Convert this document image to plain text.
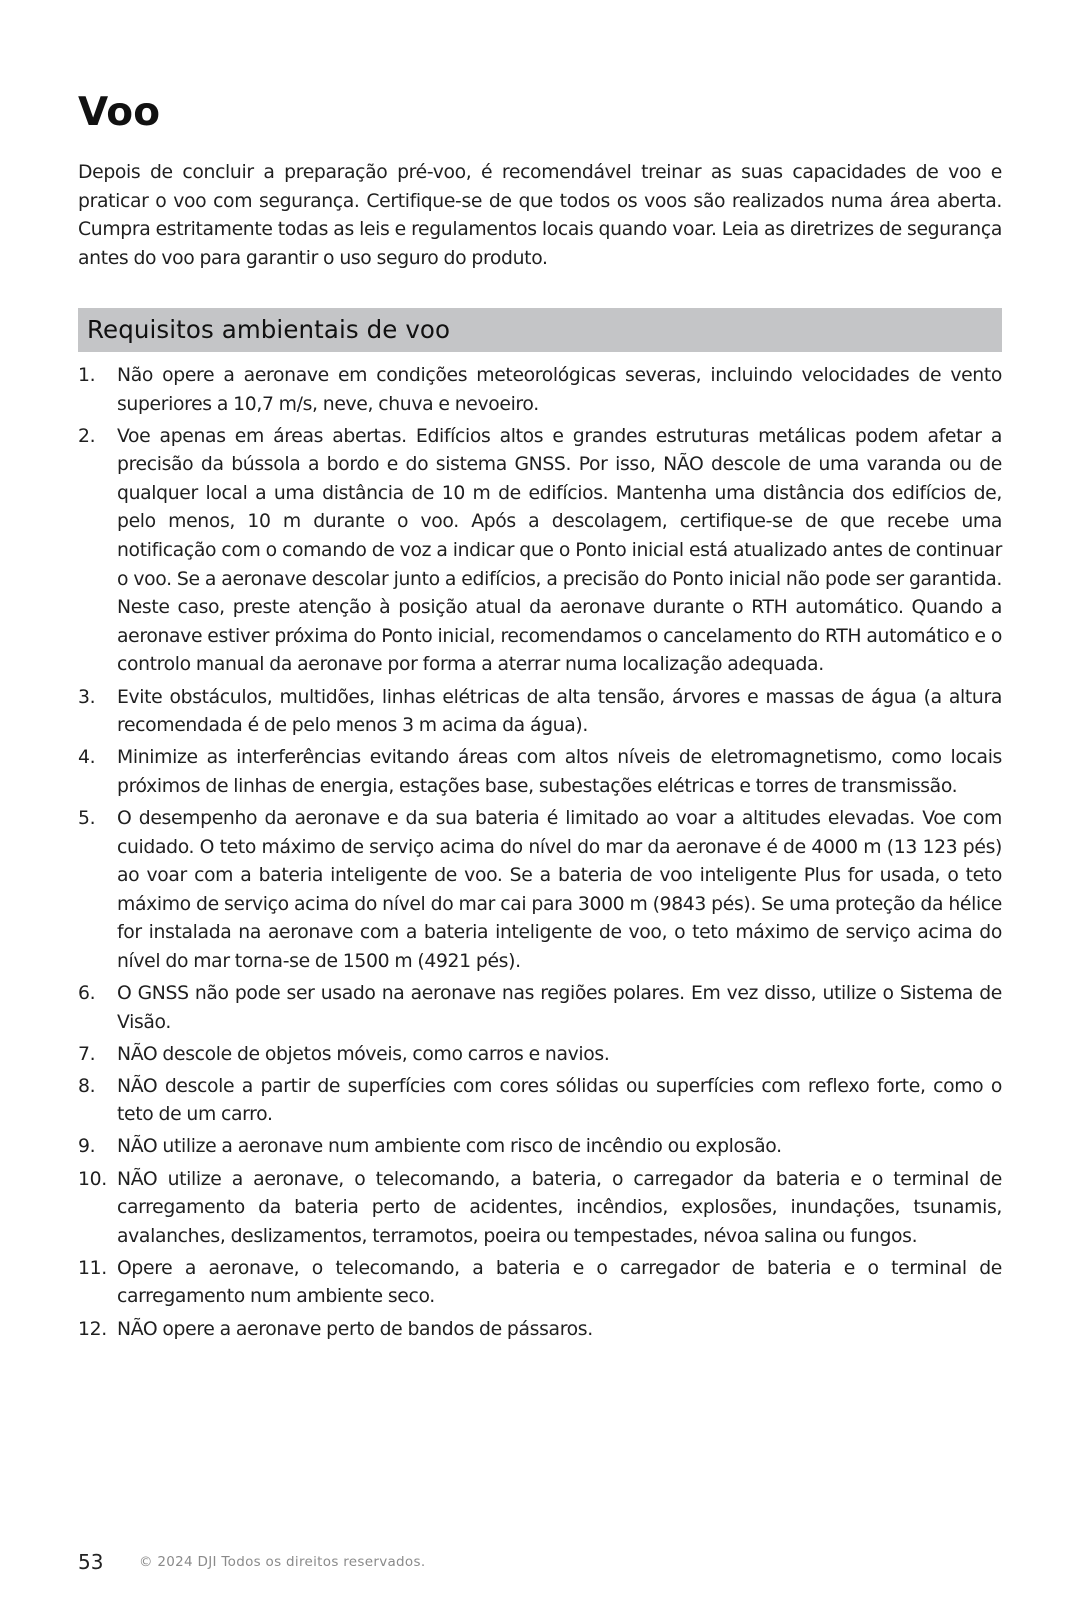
Voo

Depois de concluir a preparação pré-voo, é recomendável treinar as suas capacidades de voo e praticar o voo com segurança. Certifique-se de que todos os voos são realizados numa área aberta. Cumpra estritamente todas as leis e regulamentos locais quando voar. Leia as diretrizes de segurança antes do voo para garantir o uso seguro do produto.

Requisitos ambientais de voo
1. Não opere a aeronave em condições meteorológicas severas, incluindo velocidades de vento superiores a 10,7 m/s, neve, chuva e nevoeiro.
2. Voe apenas em áreas abertas. Edifícios altos e grandes estruturas metálicas podem afetar a precisão da bússola a bordo e do sistema GNSS. Por isso, NÃO descole de uma varanda ou de qualquer local a uma distância de 10 m de edifícios. Mantenha uma distância dos edifícios de, pelo menos, 10 m durante o voo. Após a descolagem, certifique-se de que recebe uma notificação com o comando de voz a indicar que o Ponto inicial está atualizado antes de continuar o voo. Se a aeronave descolar junto a edifícios, a precisão do Ponto inicial não pode ser garantida. Neste caso, preste atenção à posição atual da aeronave durante o RTH automático. Quando a aeronave estiver próxima do Ponto inicial, recomendamos o cancelamento do RTH automático e o controlo manual da aeronave por forma a aterrar numa localização adequada.
3. Evite obstáculos, multidões, linhas elétricas de alta tensão, árvores e massas de água (a altura recomendada é de pelo menos 3 m acima da água).
4. Minimize as interferências evitando áreas com altos níveis de eletromagnetismo, como locais próximos de linhas de energia, estações base, subestações elétricas e torres de transmissão.
5. O desempenho da aeronave e da sua bateria é limitado ao voar a altitudes elevadas. Voe com cuidado. O teto máximo de serviço acima do nível do mar da aeronave é de 4000 m (13 123 pés) ao voar com a bateria inteligente de voo. Se a bateria de voo inteligente Plus for usada, o teto máximo de serviço acima do nível do mar cai para 3000 m (9843 pés). Se uma proteção da hélice for instalada na aeronave com a bateria inteligente de voo, o teto máximo de serviço acima do nível do mar torna-se de 1500 m (4921 pés).
6. O GNSS não pode ser usado na aeronave nas regiões polares. Em vez disso, utilize o Sistema de Visão.
7. NÃO descole de objetos móveis, como carros e navios.
8. NÃO descole a partir de superfícies com cores sólidas ou superfícies com reflexo forte, como o teto de um carro.
9. NÃO utilize a aeronave num ambiente com risco de incêndio ou explosão.
10. NÃO utilize a aeronave, o telecomando, a bateria, o carregador da bateria e o terminal de carregamento da bateria perto de acidentes, incêndios, explosões, inundações, tsunamis, avalanches, deslizamentos, terramotos, poeira ou tempestades, névoa salina ou fungos.
11. Opere a aeronave, o telecomando, a bateria e o carregador de bateria e o terminal de carregamento num ambiente seco.
12. NÃO opere a aeronave perto de bandos de pássaros.
53	© 2024 DJI Todos os direitos reservados.
